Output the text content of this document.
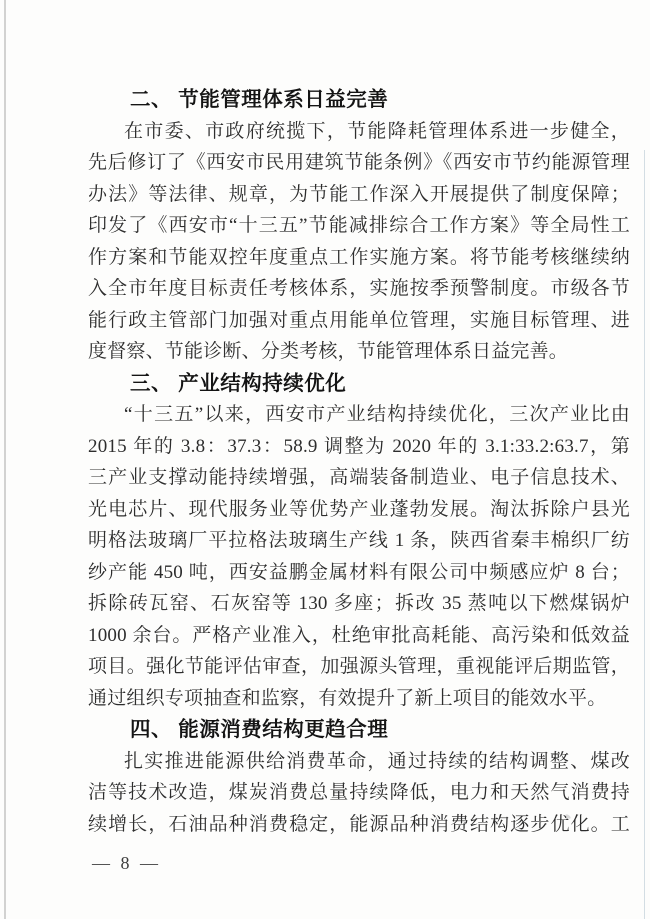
二、 节能管理体系日益完善
在市委、市政府统揽下，节能降耗管理体系进一步健全，
先后修订了《西安市民用建筑节能条例》《西安市节约能源管理
办法》等法律、规章，为节能工作深入开展提供了制度保障；
印发了《西安市“十三五”节能减排综合工作方案》等全局性工
作方案和节能双控年度重点工作实施方案。将节能考核继续纳
入全市年度目标责任考核体系，实施按季预警制度。市级各节
能行政主管部门加强对重点用能单位管理，实施目标管理、进
度督察、节能诊断、分类考核，节能管理体系日益完善。
三、 产业结构持续优化
“十三五”以来，西安市产业结构持续优化，三次产业比由
2015 年的 3.8：37.3：58.9 调整为 2020 年的 3.1:33.2:63.7，第
三产业支撑动能持续增强，高端装备制造业、电子信息技术、
光电芯片、现代服务业等优势产业蓬勃发展。淘汰拆除户县光
明格法玻璃厂平拉格法玻璃生产线 1 条，陕西省秦丰棉织厂纺
纱产能 450 吨，西安益鹏金属材料有限公司中频感应炉 8 台；
拆除砖瓦窑、石灰窑等 130 多座；拆改 35 蒸吨以下燃煤锅炉
1000 余台。严格产业准入，杜绝审批高耗能、高污染和低效益
项目。强化节能评估审查，加强源头管理，重视能评后期监管，
通过组织专项抽查和监察，有效提升了新上项目的能效水平。
四、 能源消费结构更趋合理
扎实推进能源供给消费革命，通过持续的结构调整、煤改
洁等技术改造，煤炭消费总量持续降低，电力和天然气消费持
续增长，石油品种消费稳定，能源品种消费结构逐步优化。工
— 8 —
